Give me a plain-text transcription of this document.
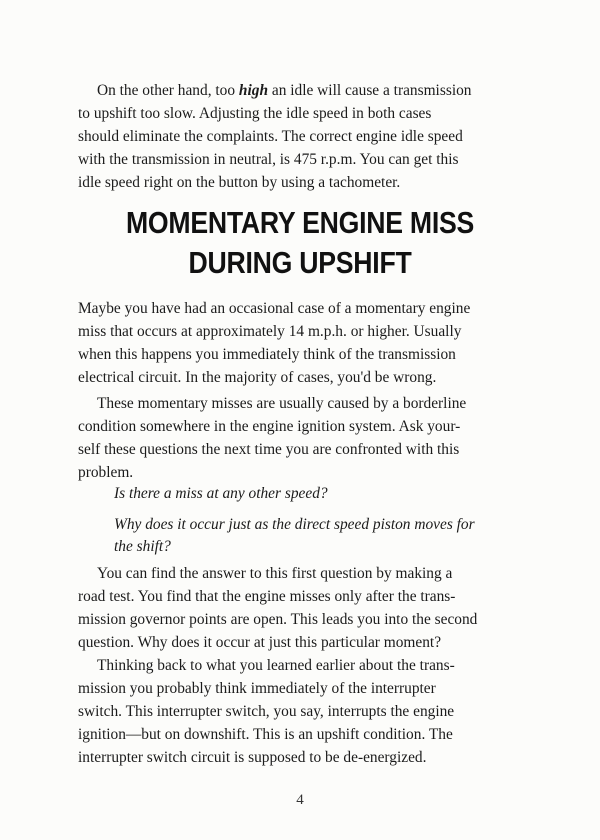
On the other hand, too high an idle will cause a transmission
to upshift too slow. Adjusting the idle speed in both cases
should eliminate the complaints. The correct engine idle speed
with the transmission in neutral, is 475 r.p.m. You can get this
idle speed right on the button by using a tachometer.
MOMENTARY ENGINE MISS
DURING UPSHIFT
Maybe you have had an occasional case of a momentary engine
miss that occurs at approximately 14 m.p.h. or higher. Usually
when this happens you immediately think of the transmission
electrical circuit. In the majority of cases, you'd be wrong.
These momentary misses are usually caused by a borderline
condition somewhere in the engine ignition system. Ask your-
self these questions the next time you are confronted with this
problem.
Is there a miss at any other speed?
Why does it occur just as the direct speed piston moves for
the shift?
You can find the answer to this first question by making a
road test. You find that the engine misses only after the trans-
mission governor points are open. This leads you into the second
question. Why does it occur at just this particular moment?
Thinking back to what you learned earlier about the trans-
mission you probably think immediately of the interrupter
switch. This interrupter switch, you say, interrupts the engine
ignition—but on downshift. This is an upshift condition. The
interrupter switch circuit is supposed to be de-energized.
4
